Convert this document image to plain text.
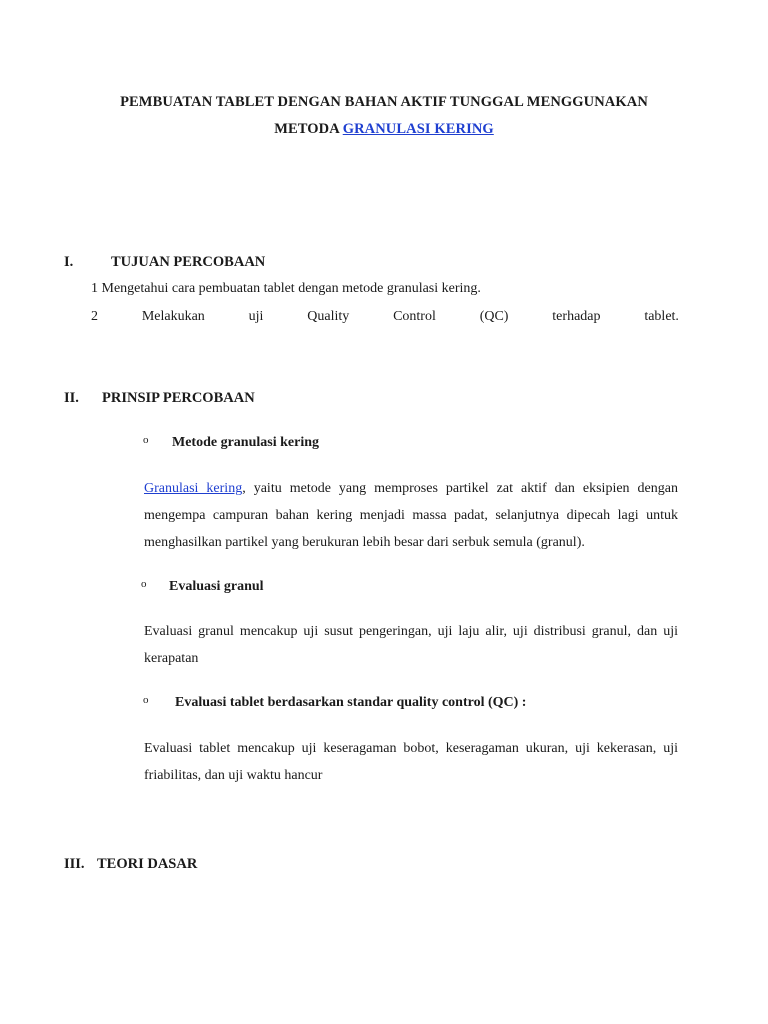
PEMBUATAN TABLET DENGAN BAHAN AKTIF TUNGGAL MENGGUNAKAN
METODA GRANULASI KERING
I.	TUJUAN PERCOBAAN
1 Mengetahui cara pembuatan tablet dengan metode granulasi kering.
2	Melakukan	uji	Quality	Control	(QC)	terhadap	tablet.
II. PRINSIP PERCOBAAN
o Metode granulasi kering
Granulasi kering, yaitu metode yang memproses partikel zat aktif dan eksipien dengan mengempa campuran bahan kering menjadi massa padat, selanjutnya dipecah lagi untuk menghasilkan partikel yang berukuran lebih besar dari serbuk semula (granul).
o Evaluasi granul
Evaluasi granul mencakup uji susut pengeringan, uji laju alir, uji distribusi granul, dan uji kerapatan
o Evaluasi tablet berdasarkan standar quality control (QC) :
Evaluasi tablet mencakup uji keseragaman bobot, keseragaman ukuran, uji kekerasan, uji friabilitas, dan uji waktu hancur
III. TEORI DASAR
